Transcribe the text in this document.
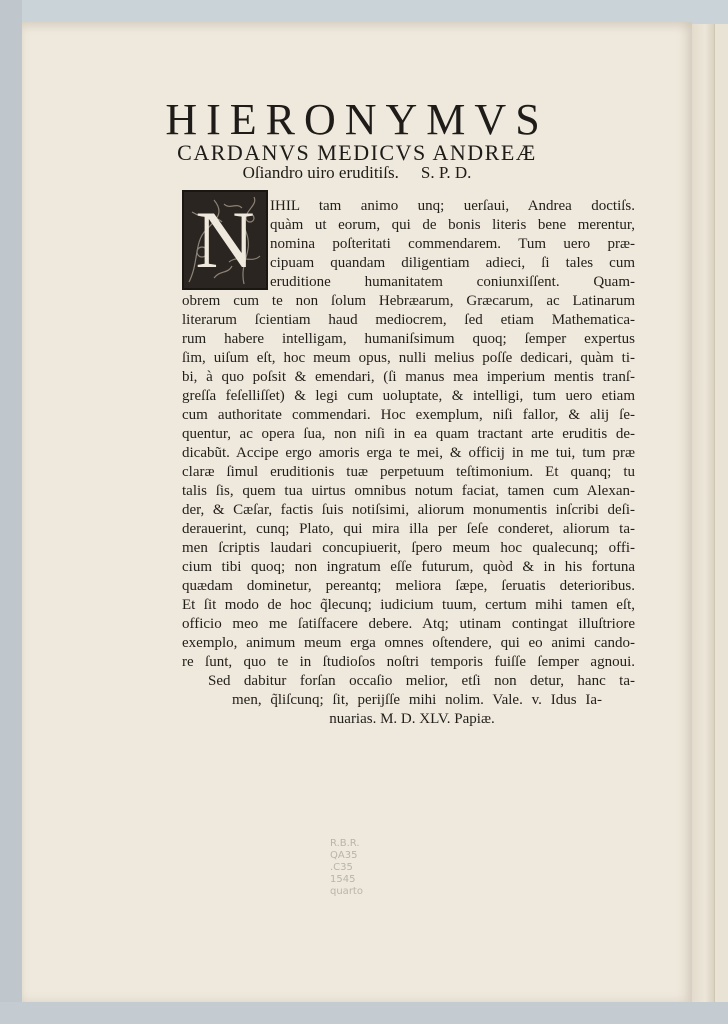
HIERONYMVS
CARDANVS MEDICVS ANDREÆ
Oſiandro uiro eruditiſs. S. P. D.
N	IHIL tam animo unq; uerſaui, Andrea doctiſs.
quàm ut eorum, qui de bonis literis bene merentur,
nomina poſteritati commendarem. Tum uero præ-
cipuam quandam diligentiam adieci, ſi tales cum
eruditione humanitatem coniunxiſſent. Quam-
obrem cum te non ſolum Hebræarum, Græcarum, ac Latinarum
literarum ſcientiam haud mediocrem, ſed etiam Mathematica-
rum habere intelligam, humaniſsimum quoq; ſemper expertus
ſim, uiſum eſt, hoc meum opus, nulli melius poſſe dedicari, quàm ti-
bi, à quo poſsit & emendari, (ſi manus mea imperium mentis tranſ-
greſſa feſelliſſet) & legi cum uoluptate, & intelligi, tum uero etiam
cum authoritate commendari. Hoc exemplum, niſi fallor, & alij ſe-
quentur, ac opera ſua, non niſi in ea quam tractant arte eruditis de-
dicabũt. Accipe ergo amoris erga te mei, & officij in me tui, tum præ
claræ ſimul eruditionis tuæ perpetuum teſtimonium. Et quanq; tu
talis ſis, quem tua uirtus omnibus notum faciat, tamen cum Alexan-
der, & Cæſar, factis ſuis notiſsimi, aliorum monumentis inſcribi deſi-
derauerint, cunq; Plato, qui mira illa per ſeſe conderet, aliorum ta-
men ſcriptis laudari concupiuerit, ſpero meum hoc qualecunq; offi-
cium tibi quoq; non ingratum eſſe futurum, quòd & in his fortuna
quædam dominetur, pereantq; meliora ſæpe, ſeruatis deterioribus.
Et ſit modo de hoc q̃lecunq; iudicium tuum, certum mihi tamen eſt,
officio meo me ſatiſfacere debere. Atq; utinam contingat illuſtriore
exemplo, animum meum erga omnes oſtendere, qui eo animi cando-
re ſunt, quo te in ſtudioſos noſtri temporis fuiſſe ſemper agnoui.
Sed dabitur forſan occaſio melior, etſi non detur, hanc ta-
men, q̃liſcunq; ſit, perijſſe mihi nolim. Vale. v. Idus Ia-
nuarias. M. D. XLV. Papiæ.
R.B.R.
QA35
.C35
1545
quarto
